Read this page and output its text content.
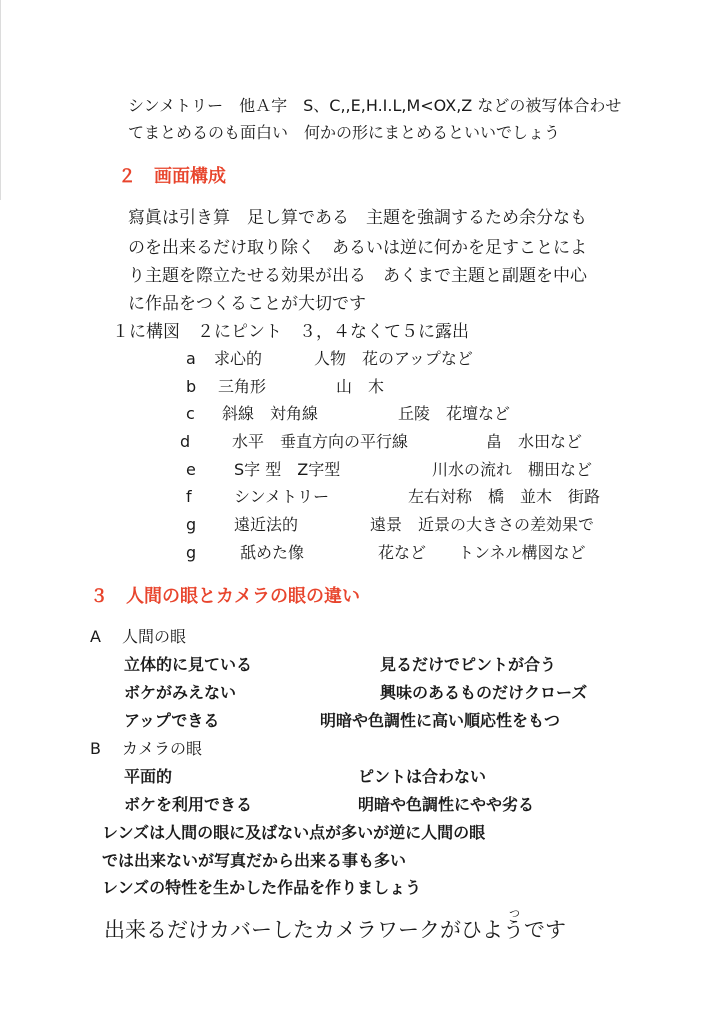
シンメトリー　他Ａ字　S、C,,E,H.I.L,M<OX,Z などの被写体合わせ
てまとめるのも面白い　何かの形にまとめるといいでしょう
２　画面構成
寫眞は引き算　足し算である　主題を強調するため余分なも
のを出来るだけ取り除く　あるいは逆に何かを足すことによ
り主題を際立たせる効果が出る　あくまで主題と副題を中心
に作品をつくることが大切です
１に構図　２にピント　３，４なくて５に露出
a 求心的	人物　花のアップなど
b 三角形	山　木
c 斜線　対角線	丘陵　花壇など
d	水平　垂直方向の平行線	畠　水田など
e S字 型　Z字型	川水の流れ　棚田など
f	シンメトリー	左右対称　橋　並木　街路
g 遠近法的	遠景　近景の大きさの差効果で
g	舐めた像	花など　　トンネル構図など
３　人間の眼とカメラの眼の違い
A 人間の眼
立体的に見ている	見るだけでピントが合う
ボケがみえない	興味のあるものだけクローズ
アップできる	明暗や色調性に高い順応性をもつ
B カメラの眼
平面的	ピントは合わない
ボケを利用できる	明暗や色調性にやや劣る
レンズは人間の眼に及ばない点が多いが逆に人間の眼
では出来ないが写真だから出来る事も多い
レンズの特性を生かした作品を作りましょう
出来るだけカバーしたカメラワークがひようです
つ
